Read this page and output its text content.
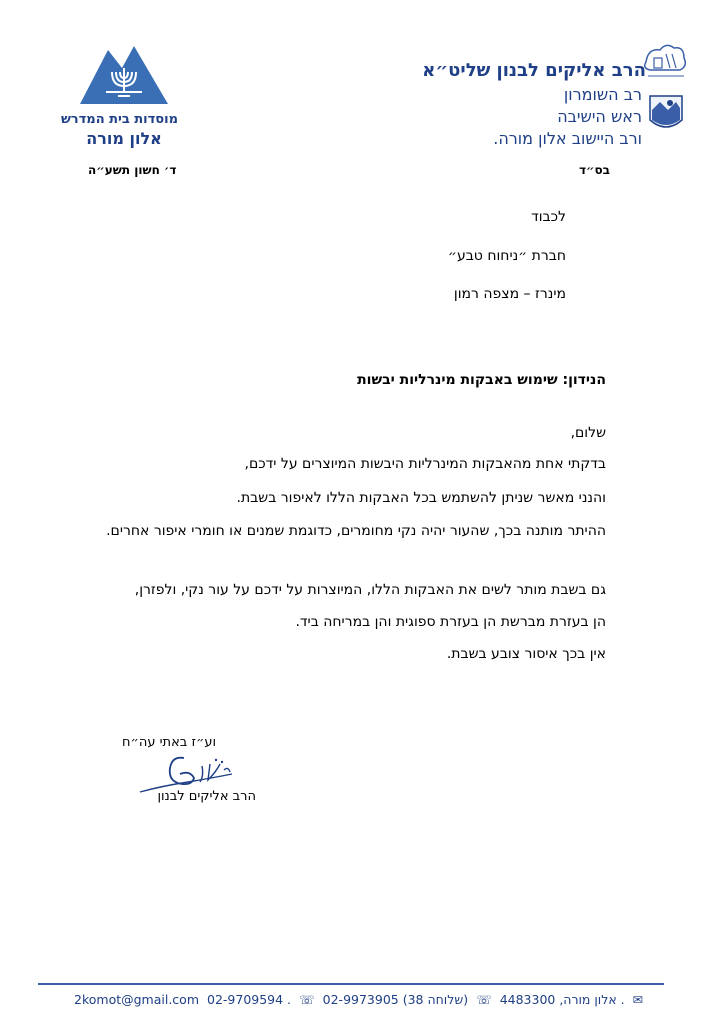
הרב אליקים לבנון שליט״א
רב השומרון
ראש הישיבה
ורב היישוב אלון מורה.
מוסדות בית המדרש
אלון מורה
ד׳ חשון תשע״ה	בס״ד
לכבוד
חברת ״ניחוח טבע״
מינרז – מצפה רמון
הנידון: שימוש באבקות מינרליות יבשות
שלום,
בדקתי אחת מהאבקות המינרליות היבשות המיוצרים על ידכם,
והנני מאשר שניתן להשתמש בכל האבקות הללו לאיפור בשבת.
ההיתר מותנה בכך, שהעור יהיה נקי מחומרים, כדוגמת שמנים או חומרי איפור אחרים.
גם בשבת מותר לשים את האבקות הללו, המיוצרות על ידכם על עור נקי, ולפזרן,
הן בעזרת מברשת הן בעזרת ספוגית והן במריחה ביד.
אין בכך איסור צובע בשבת.
וע״ז באתי עה״ח
הרב אליקים לבנון
2komot@gmail.com 02-9709594 . ☏ 02-9973905 (שלוחה 38) ☏ אלון מורה, 4483300 . ✉
